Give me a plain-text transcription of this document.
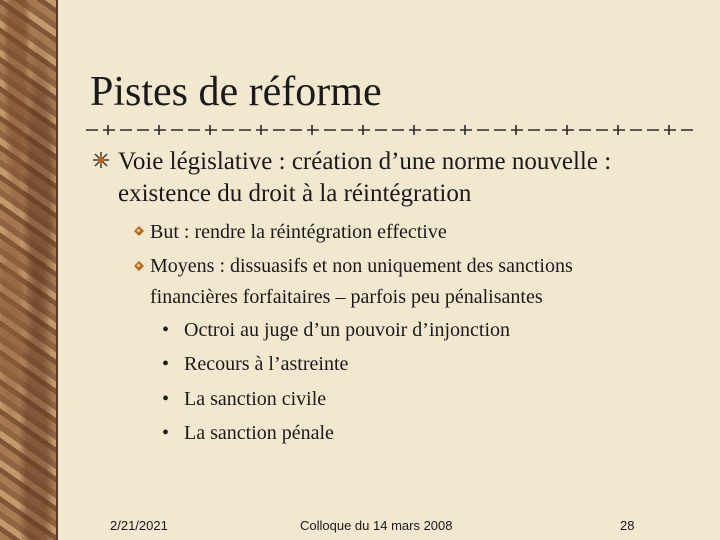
Pistes de réforme
Voie législative : création d’une norme nouvelle :
existence du droit à la réintégration
But : rendre la réintégration effective
Moyens : dissuasifs et non uniquement des sanctions
financières forfaitaires – parfois peu pénalisantes
• Octroi au juge d’un pouvoir d’injonction
• Recours à l’astreinte
• La sanction civile
• La sanction pénale
2/21/2021	Colloque du 14 mars 2008	28
